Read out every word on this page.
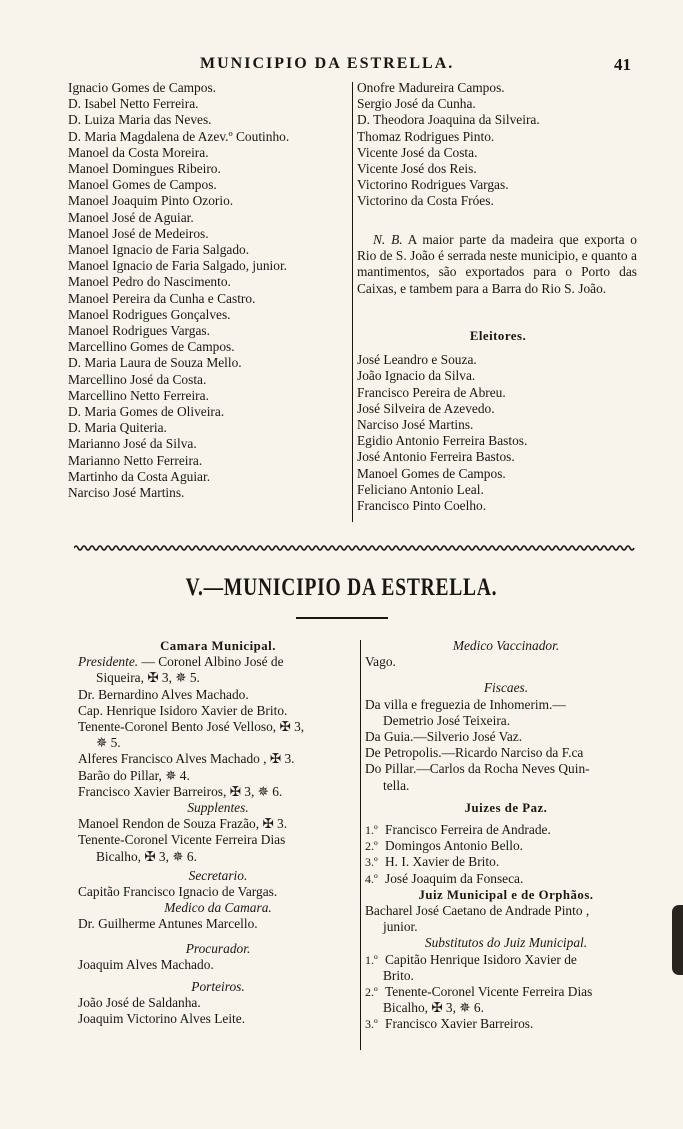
MUNICIPIO DA ESTRELLA.	41
Ignacio Gomes de Campos.
D. Isabel Netto Ferreira.
D. Luiza Maria das Neves.
D. Maria Magdalena de Azev.º Coutinho.
Manoel da Costa Moreira.
Manoel Domingues Ribeiro.
Manoel Gomes de Campos.
Manoel Joaquim Pinto Ozorio.
Manoel José de Aguiar.
Manoel José de Medeiros.
Manoel Ignacio de Faria Salgado.
Manoel Ignacio de Faria Salgado, junior.
Manoel Pedro do Nascimento.
Manoel Pereira da Cunha e Castro.
Manoel Rodrigues Gonçalves.
Manoel Rodrigues Vargas.
Marcellino Gomes de Campos.
D. Maria Laura de Souza Mello.
Marcellino José da Costa.
Marcellino Netto Ferreira.
D. Maria Gomes de Oliveira.
D. Maria Quiteria.
Marianno José da Silva.
Marianno Netto Ferreira.
Martinho da Costa Aguiar.
Narciso José Martins.
Onofre Madureira Campos.
Sergio José da Cunha.
D. Theodora Joaquina da Silveira.
Thomaz Rodrigues Pinto.
Vicente José da Costa.
Vicente José dos Reis.
Victorino Rodrigues Vargas.
Victorino da Costa Fróes.
N. B. A maior parte da madeira que exporta o Rio de S. João é serrada neste municipio, e quanto a mantimentos, são exportados para o Porto das Caixas, e tambem para a Barra do Rio S. João.
Eleitores.
José Leandro e Souza.
João Ignacio da Silva.
Francisco Pereira de Abreu.
José Silveira de Azevedo.
Narciso José Martins.
Egidio Antonio Ferreira Bastos.
José Antonio Ferreira Bastos.
Manoel Gomes de Campos.
Feliciano Antonio Leal.
Francisco Pinto Coelho.
V.—MUNICIPIO DA ESTRELLA.
Camara Municipal.
Presidente. — Coronel Albino José de
Siqueira, ✠ 3, ✵ 5.
Dr. Bernardino Alves Machado.
Cap. Henrique Isidoro Xavier de Brito.
Tenente-Coronel Bento José Velloso, ✠ 3,
✵ 5.
Alferes Francisco Alves Machado , ✠ 3.
Barão do Pillar, ✵ 4.
Francisco Xavier Barreiros, ✠ 3, ✵ 6.
Supplentes.
Manoel Rendon de Souza Frazão, ✠ 3.
Tenente-Coronel Vicente Ferreira Dias
Bicalho, ✠ 3, ✵ 6.
Secretario.
Capitão Francisco Ignacio de Vargas.
Medico da Camara.
Dr. Guilherme Antunes Marcello.
Procurador.
Joaquim Alves Machado.
Porteiros.
João José de Saldanha.
Joaquim Victorino Alves Leite.
Medico Vaccinador.
Vago.
Fiscaes.
Da villa e freguezia de Inhomerim.—
Demetrio José Teixeira.
Da Guia.—Silverio José Vaz.
De Petropolis.—Ricardo Narciso da F.ca
Do Pillar.—Carlos da Rocha Neves Quin-
tella.
Juizes de Paz.
1.º Francisco Ferreira de Andrade.
2.º Domingos Antonio Bello.
3.º H. I. Xavier de Brito.
4.º José Joaquim da Fonseca.
Juiz Municipal e de Orphãos.
Bacharel José Caetano de Andrade Pinto ,
junior.
Substitutos do Juiz Municipal.
1.º Capitão Henrique Isidoro Xavier de
Brito.
2.º Tenente-Coronel Vicente Ferreira Dias
Bicalho, ✠ 3, ✵ 6.
3.º Francisco Xavier Barreiros.
